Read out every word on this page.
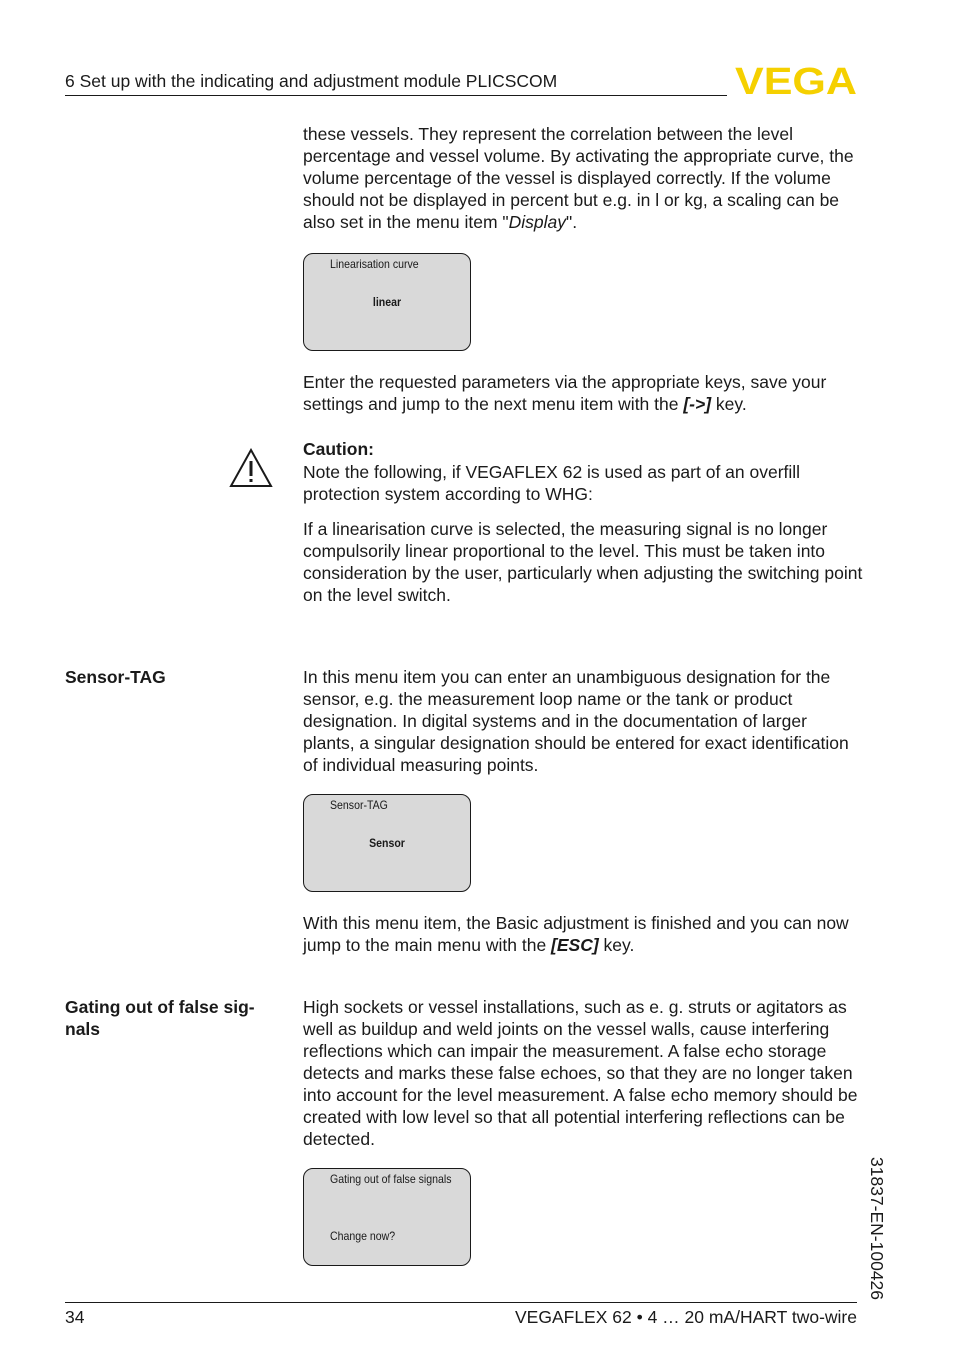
6 Set up with the indicating and adjustment module PLICSCOM	VEGA

these vessels. They represent the correlation between the level percentage and vessel volume. By activating the appropriate curve, the volume percentage of the vessel is displayed correctly. If the volume should not be displayed in percent but e.g. in l or kg, a scaling can be also set in the menu item "Display".

Linearisation curve
linear

Enter the requested parameters via the appropriate keys, save your settings and jump to the next menu item with the [->] key.

Caution:

Note the following, if VEGAFLEX 62 is used as part of an overfill protection system according to WHG:

If a linearisation curve is selected, the measuring signal is no longer compulsorily linear proportional to the level. This must be taken into consideration by the user, particularly when adjusting the switching point on the level switch.

Sensor-TAG	In this menu item you can enter an unambiguous designation for the sensor, e.g. the measurement loop name or the tank or product designation. In digital systems and in the documentation of larger plants, a singular designation should be entered for exact identification of individual measuring points.

Sensor-TAG
Sensor

With this menu item, the Basic adjustment is finished and you can now jump to the main menu with the [ESC] key.

Gating out of false sig-nals

High sockets or vessel installations, such as e. g. struts or agitators as well as buildup and weld joints on the vessel walls, cause interfering reflections which can impair the measurement. A false echo storage detects and marks these false echoes, so that they are no longer taken into account for the level measurement. A false echo memory should be created with low level so that all potential interfering reflections can be detected.

Gating out of false signals
Change now?	31837-EN-100426
34	VEGAFLEX 62 • 4 … 20 mA/HART two-wire
